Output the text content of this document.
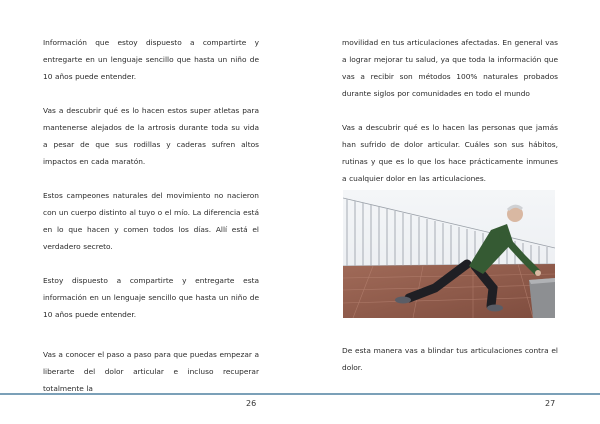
Información que estoy dispuesto a compartirte y entregarte en un lenguaje sencillo que hasta un niño de 10 años puede entender.

Vas a descubrir qué es lo hacen estos super atletas para mantenerse alejados de la artrosis durante toda su vida a pesar de que sus rodillas y caderas sufren altos impactos en cada maratón.

Estos campeones naturales del movimiento no nacieron con un cuerpo distinto al tuyo o el mío. La diferencia está en lo que hacen y comen todos los días. Allí está el verdadero secreto.

Estoy dispuesto a compartirte y entregarte esta información en un lenguaje sencillo que hasta un niño de 10 años puede entender.

Vas a conocer el paso a paso para que puedas empezar a liberarte del dolor articular e incluso recuperar totalmente la

movilidad en tus articulaciones afectadas. En general vas a lograr mejorar tu salud, ya que toda la información que vas a recibir son métodos 100% naturales probados durante siglos por comunidades en todo el mundo

Vas a descubrir qué es lo hacen las personas que jamás han sufrido de dolor articular. Cuáles son sus hábitos, rutinas y que es lo que los hace prácticamente inmunes a cualquier dolor en las articulaciones.

De esta manera vas a blindar tus articulaciones contra el dolor.

26	27
